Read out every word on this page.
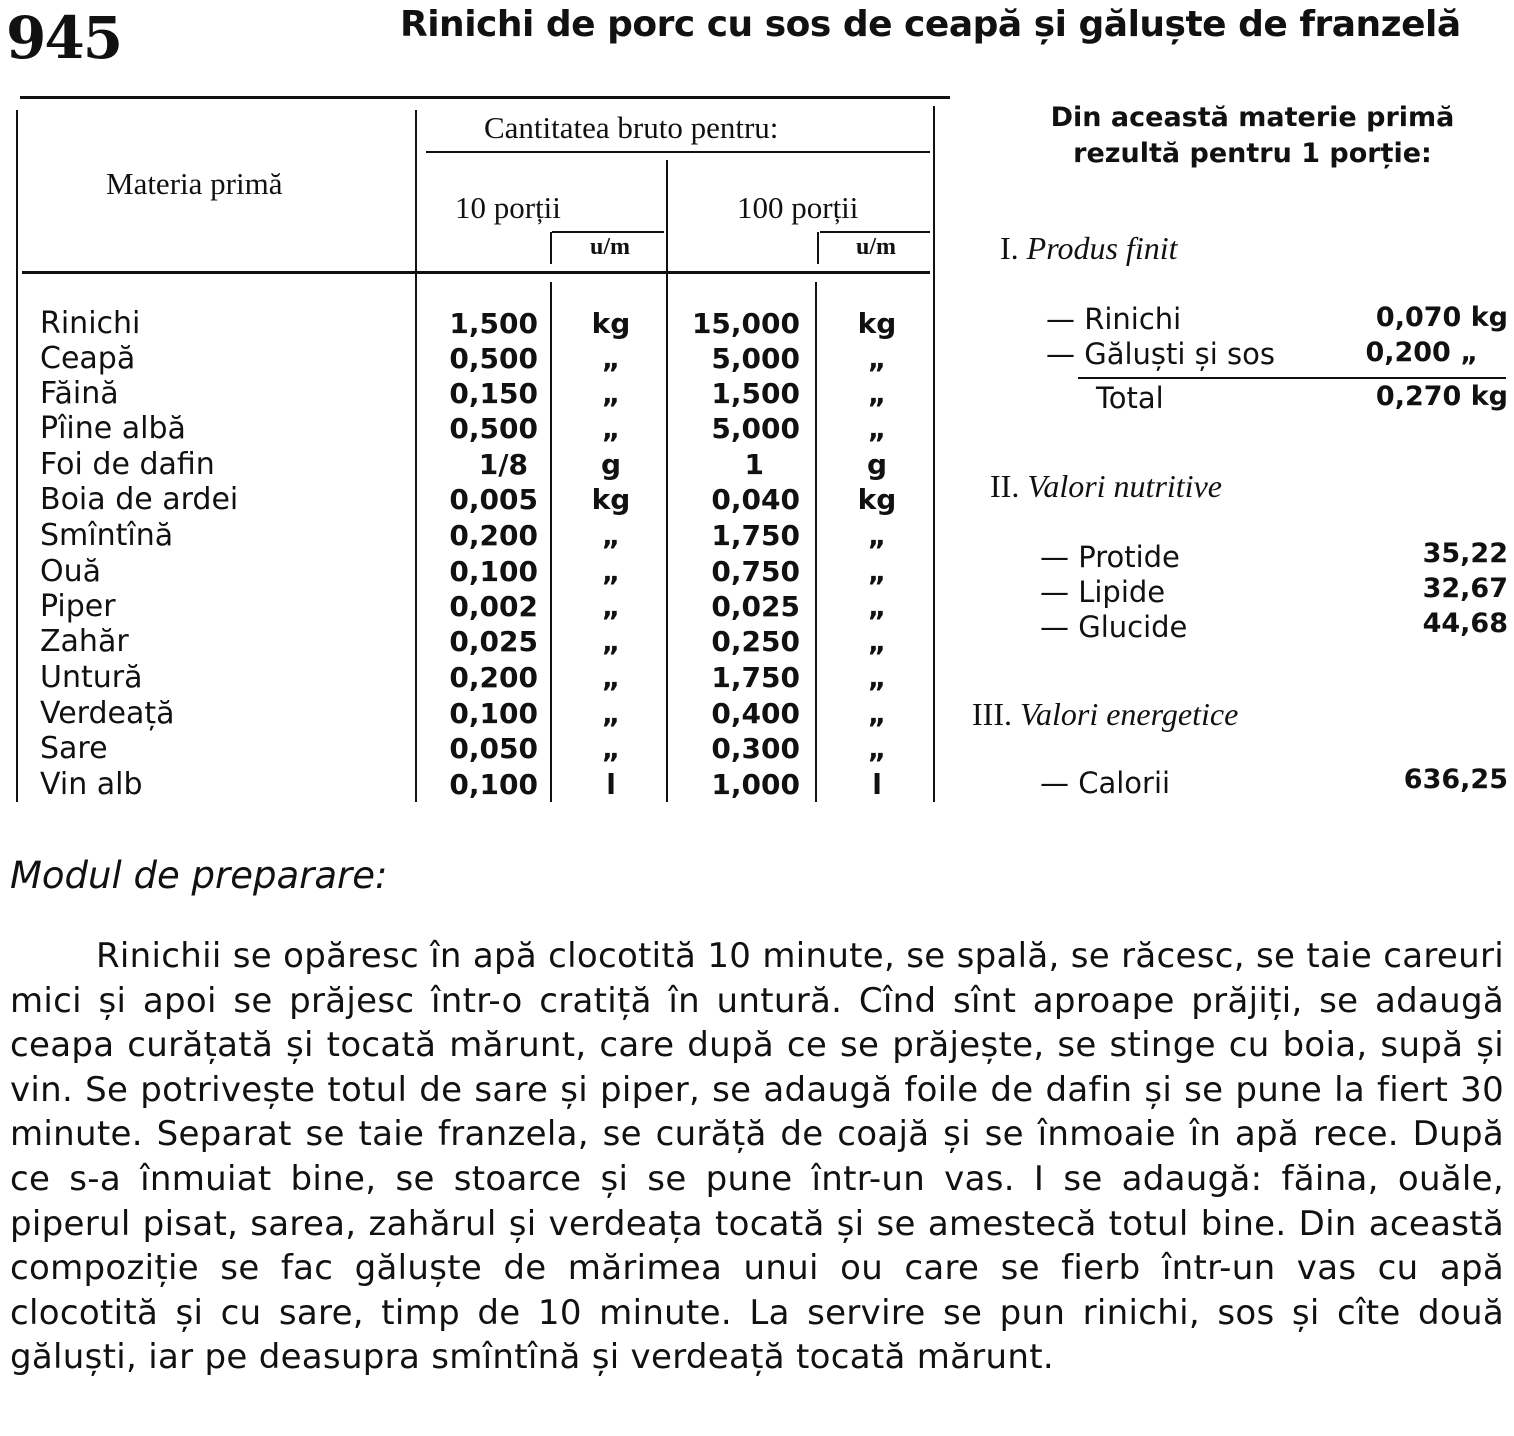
945	Rinichi de porc cu sos de ceapă și găluște de franzelă
Materia primă
Cantitatea bruto pentru:
10 porții	100 porții
u/m	u/m
Rinichi	1,500	kg	15,000	kg
Ceapă	0,500	„	5,000	„
Făină	0,150	„	1,500	„
Pîine albă	0,500	„	5,000	„
Foi de dafin	1/8	g	1	g
Boia de ardei	0,005	kg	0,040	kg
Smîntînă	0,200	„	1,750	„
Ouă	0,100	„	0,750	„
Piper	0,002	„	0,025	„
Zahăr	0,025	„	0,250	„
Untură	0,200	„	1,750	„
Verdeață	0,100	„	0,400	„
Sare	0,050	„	0,300	„
Vin alb	0,100	l	1,000	l
Din această materie primă rezultă pentru 1 porție:
I. Produs finit
— Rinichi	0,070 kg
— Găluști și sos	0,200 „
Total	0,270 kg
II. Valori nutritive
— Protide	35,22
— Lipide	32,67
— Glucide	44,68
III. Valori energetice
— Calorii	636,25
Modul de preparare:
Rinichii se opăresc în apă clocotită 10 minute, se spală, se răcesc, se taie careuri mici și apoi se prăjesc într-o cratiță în untură. Cînd sînt aproape prăjiți, se adaugă ceapa curățată și tocată mărunt, care după ce se prăjește, se stinge cu boia, supă și vin. Se potrivește totul de sare și piper, se adaugă foile de dafin și se pune la fiert 30 minute. Separat se taie franzela, se curăță de coajă și se înmoaie în apă rece. După ce s-a înmuiat bine, se stoarce și se pune într-un vas. I se adaugă: făina, ouăle, piperul pisat, sarea, zahărul și verdeața tocată și se amestecă totul bine. Din această compoziție se fac găluște de mărimea unui ou care se fierb într-un vas cu apă clocotită și cu sare, timp de 10 minute. La servire se pun rinichi, sos și cîte două găluști, iar pe deasupra smîntînă și verdeață tocată mărunt.
